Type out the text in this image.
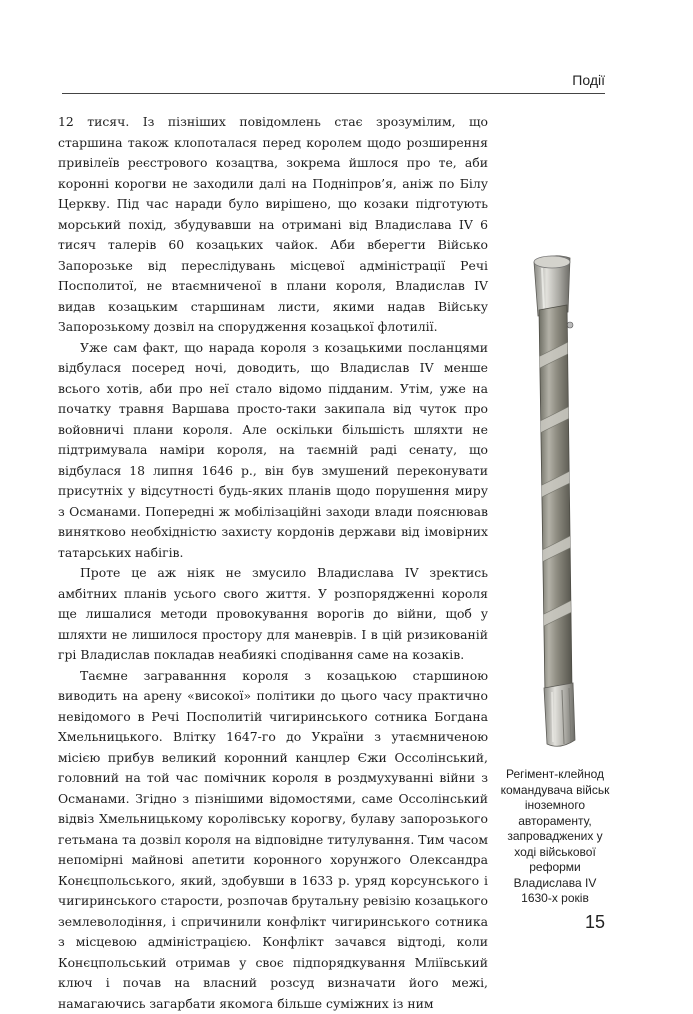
Події

12 тисяч. Із пізніших повідомлень стає зрозумілим, що старшина також клопоталася перед королем щодо розширення привілеїв реєстрового козацтва, зокрема йшлося про те, аби коронні корогви не заходили далі на Подніпров’я, аніж по Білу Церкву. Під час наради було вирішено, що козаки підготують морський похід, збудувавши на отримані від Владислава IV 6 тисяч талерів 60 козацьких чайок. Аби вберегти Військо Запорозьке від переслідувань місцевої адміністрації Речі Посполитої, не втаємниченої в плани короля, Владислав IV видав козацьким старшинам листи, якими надав Війську Запорозькому дозвіл на спорудження козацької флотилії.

Уже сам факт, що нарада короля з козацькими посланцями відбулася посеред ночі, доводить, що Владислав IV менше всього хотів, аби про неї стало відомо підданим. Утім, уже на початку травня Варшава просто-таки закипала від чуток про войовничі плани короля. Але оскільки більшість шляхти не підтримувала наміри короля, на таємній раді сенату, що відбулася 18 липня 1646 р., він був змушений переконувати присутніх у відсутності будь-яких планів щодо порушення миру з Османами. Попередні ж мобілізаційні заходи влади пояснював винятково необхідністю захисту кордонів держави від імовірних татарських набігів.

Проте це аж ніяк не змусило Владислава IV зректись амбітних планів усього свого життя. У розпорядженні короля ще лишалися методи провокування ворогів до війни, щоб у шляхти не лишилося простору для маневрів. І в цій ризикованій грі Владислав покладав неабиякі сподівання саме на козаків.

Таємне заграванння короля з козацькою старшиною виводить на арену «високої» політики до цього часу практично невідомого в Речі Посполитій чигиринського сотника Богдана Хмельницького. Влітку 1647-го до України з утаємниченою місією прибув великий коронний канцлер Єжи Оссолінський, головний на той час помічник короля в роздмухуванні війни з Османами. Згідно з пізнішими відомостями, саме Оссолінський відвіз Хмельницькому королівську корогву, булаву запорозького гетьмана та дозвіл короля на відповідне титулування. Тим часом непомірні майнові апетити коронного хорунжого Олександра Конєцпольського, який, здобувши в 1633 р. уряд корсунського і чигиринського старости, розпочав брутальну ревізію козацького землеволодіння, і спричинили конфлікт чигиринського сотника з місцевою адміністрацією. Конфлікт зачався відтоді, коли Конєцпольський отримав у своє підпорядкування Мліївський ключ і почав на власний розсуд визначати його межі, намагаючись загарбати якомога більше суміжних із ним

Регімент-клейнод командувача військ іноземного автораменту, запроваджених у ході військової реформи Владислава IV 1630-х років
15
